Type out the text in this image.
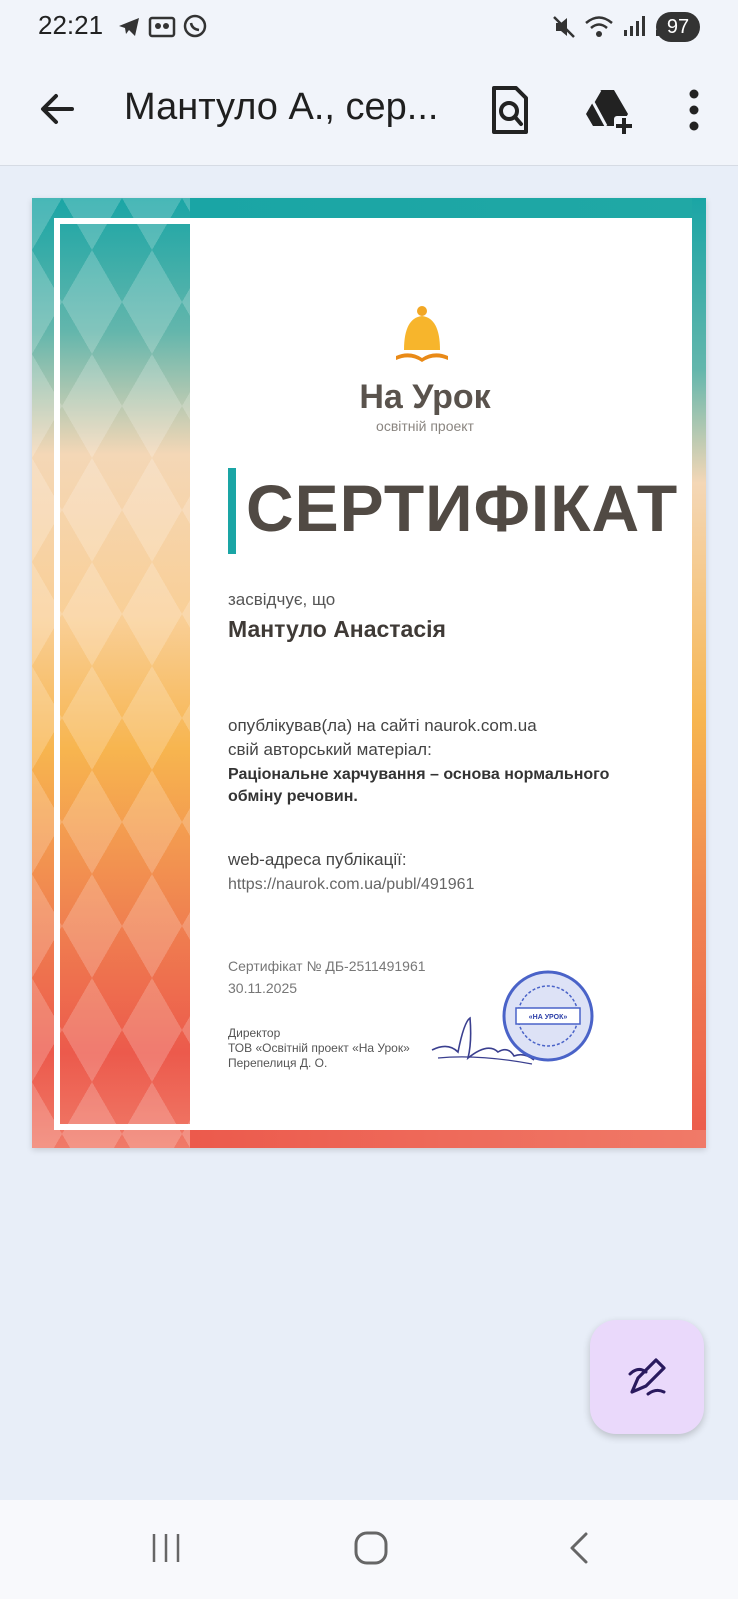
22:21	97
Мантуло А., сер...
На Урок
освітній проект
СЕРТИФІКАТ
засвідчує, що
Мантуло Анастасія
опублікував(ла) на сайті naurok.com.ua
свій авторський матеріал:
Раціональне харчування – основа нормального
обміну речовин.
web-адреса публікації:
https://naurok.com.ua/publ/491961
Сертифікат № ДБ-2511491961
30.11.2025
Директор
ТОВ «Освітній проект «На Урок»
Перепелиця Д. О.
«НА УРОК»
